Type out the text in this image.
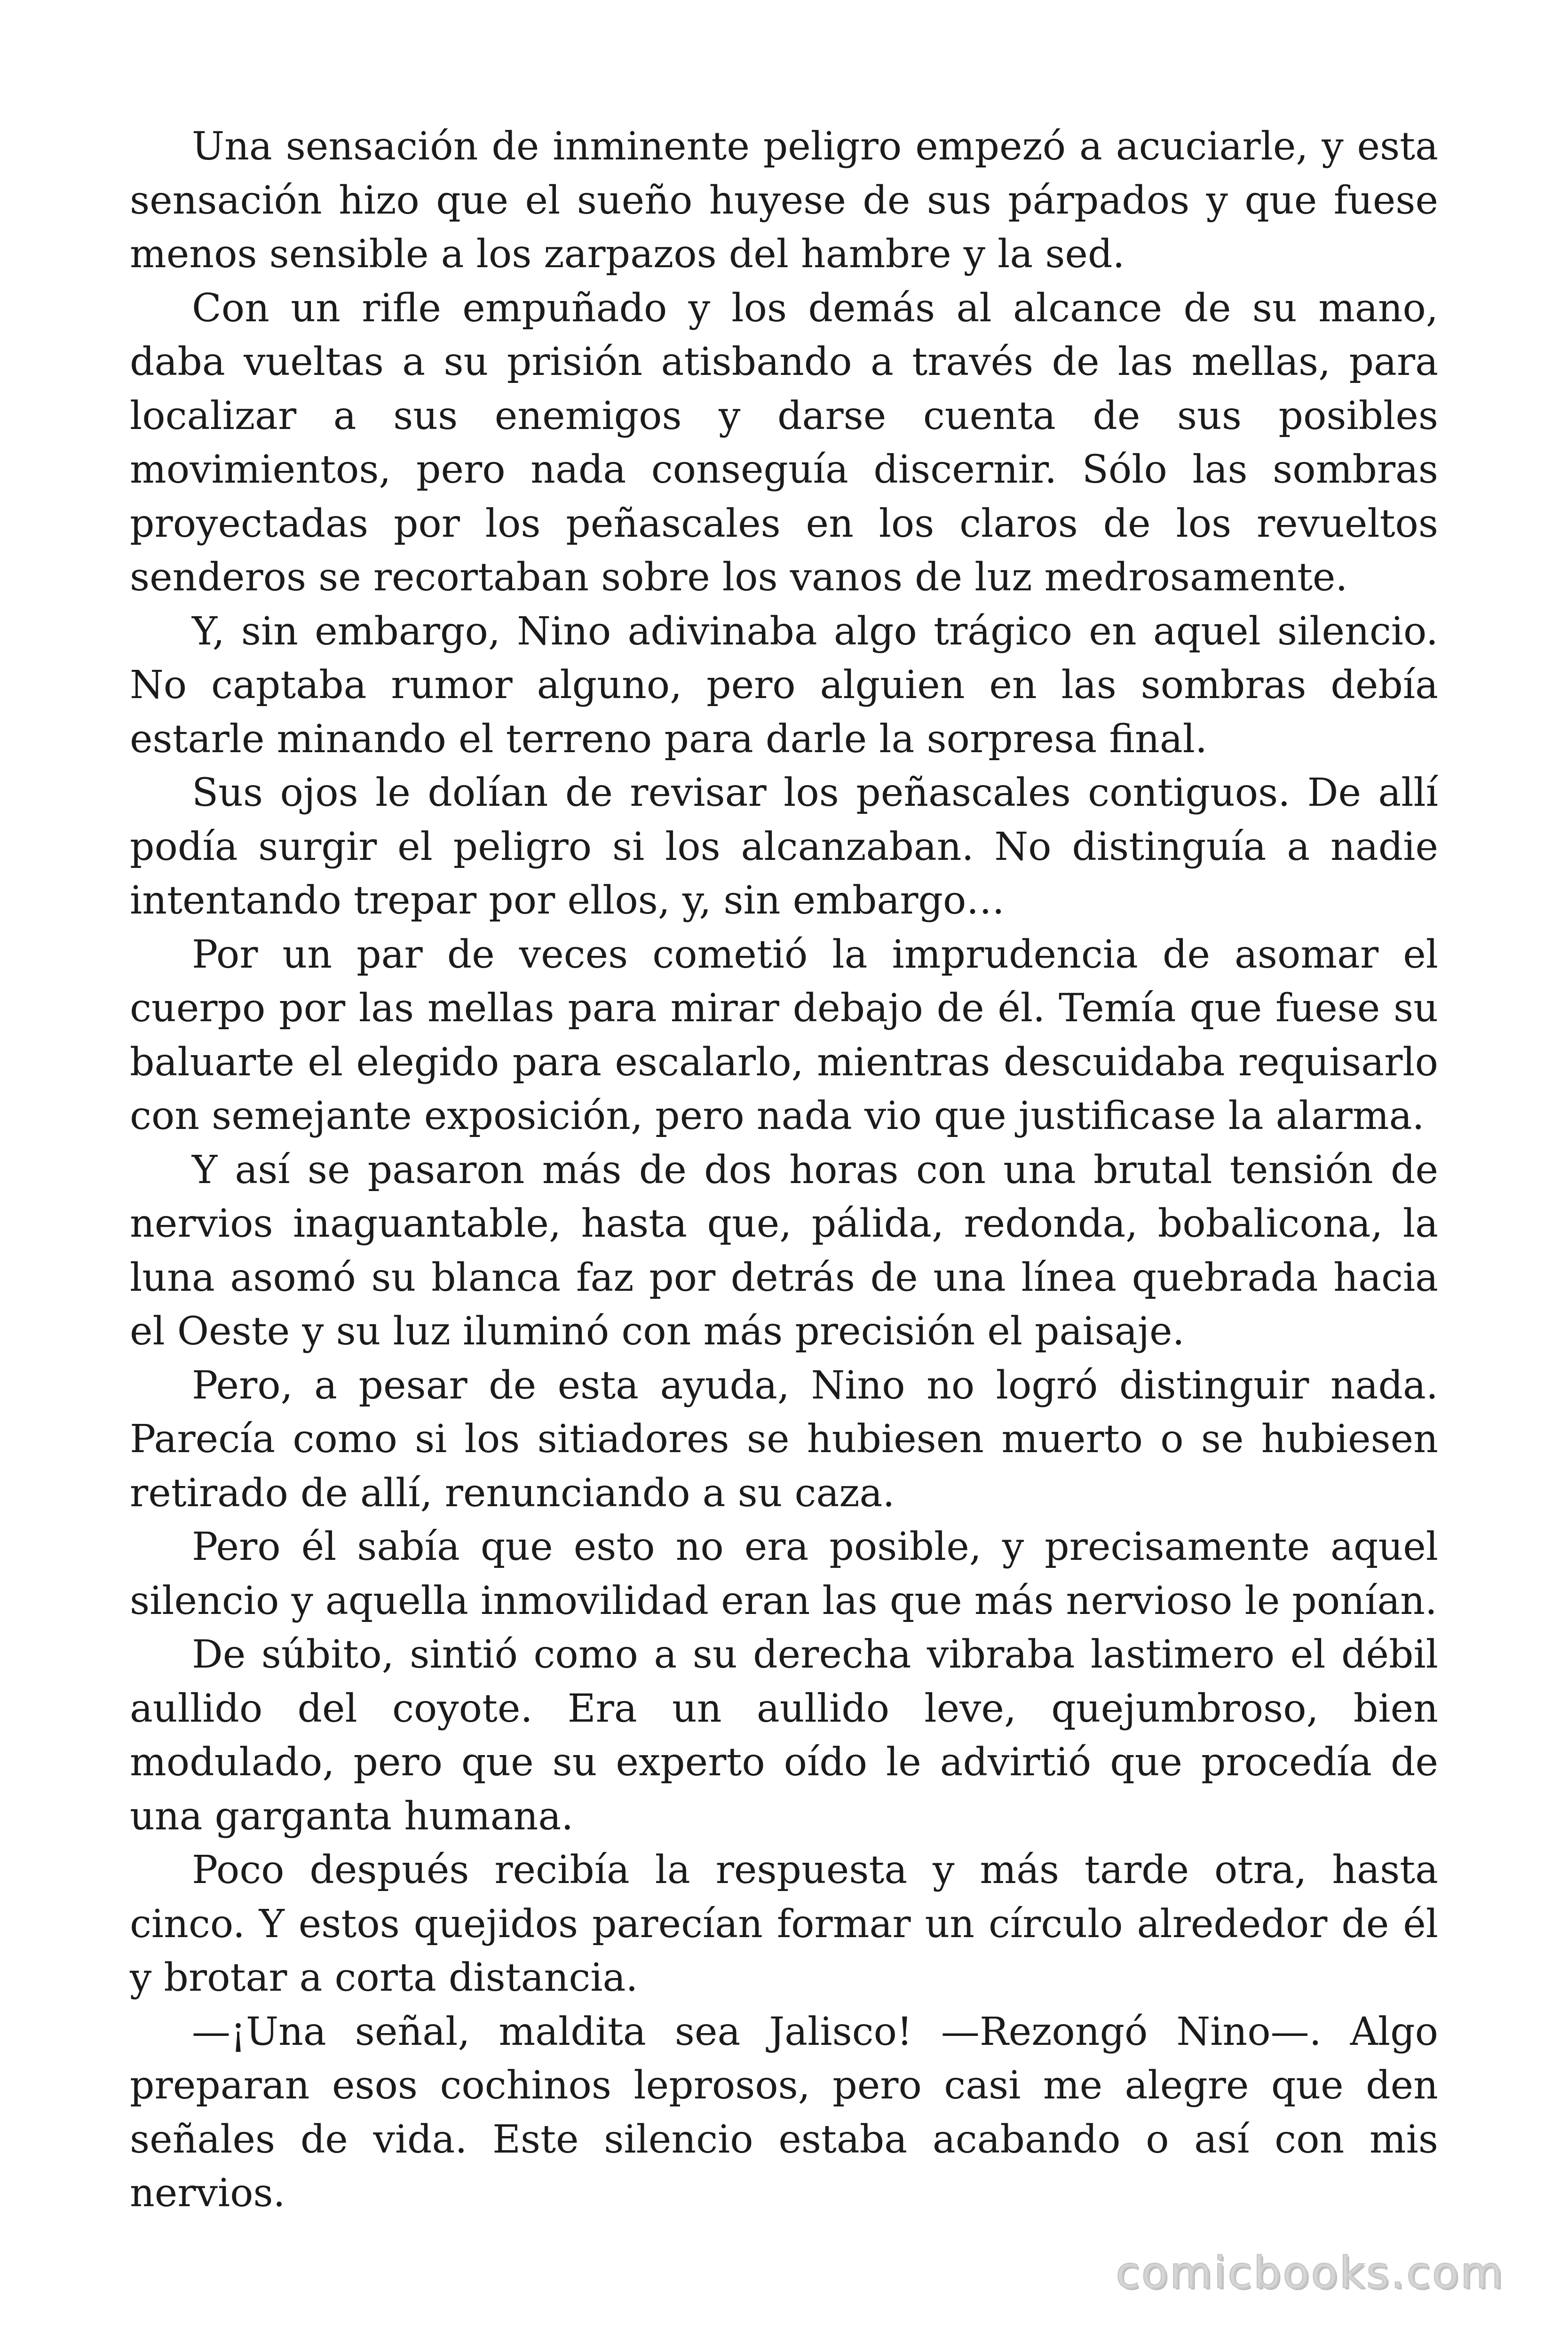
Una sensación de inminente peligro empezó a acuciarle, y esta sensación hizo que el sueño huyese de sus párpados y que fuese menos sensible a los zarpazos del hambre y la sed.

Con un rifle empuñado y los demás al alcance de su mano, daba vueltas a su prisión atisbando a través de las mellas, para localizar a sus enemigos y darse cuenta de sus posibles movimientos, pero nada conseguía discernir. Sólo las sombras proyectadas por los peñascales en los claros de los revueltos senderos se recortaban sobre los vanos de luz medrosamente.

Y, sin embargo, Nino adivinaba algo trágico en aquel silencio. No captaba rumor alguno, pero alguien en las sombras debía estarle minando el terreno para darle la sorpresa final.

Sus ojos le dolían de revisar los peñascales contiguos. De allí podía surgir el peligro si los alcanzaban. No distinguía a nadie intentando trepar por ellos, y, sin embargo…

Por un par de veces cometió la imprudencia de asomar el cuerpo por las mellas para mirar debajo de él. Temía que fuese su baluarte el elegido para escalarlo, mientras descuidaba requisarlo con semejante exposición, pero nada vio que justificase la alarma.

Y así se pasaron más de dos horas con una brutal tensión de nervios inaguantable, hasta que, pálida, redonda, bobalicona, la luna asomó su blanca faz por detrás de una línea quebrada hacia el Oeste y su luz iluminó con más precisión el paisaje.

Pero, a pesar de esta ayuda, Nino no logró distinguir nada. Parecía como si los sitiadores se hubiesen muerto o se hubiesen retirado de allí, renunciando a su caza.

Pero él sabía que esto no era posible, y precisamente aquel silencio y aquella inmovilidad eran las que más nervioso le ponían.

De súbito, sintió como a su derecha vibraba lastimero el débil aullido del coyote. Era un aullido leve, quejumbroso, bien modulado, pero que su experto oído le advirtió que procedía de una garganta humana.

Poco después recibía la respuesta y más tarde otra, hasta cinco. Y estos quejidos parecían formar un círculo alrededor de él y brotar a corta distancia.

—¡Una señal, maldita sea Jalisco! —Rezongó Nino—. Algo preparan esos cochinos leprosos, pero casi me alegre que den señales de vida. Este silencio estaba acabando o así con mis nervios.

comicbooks.com
